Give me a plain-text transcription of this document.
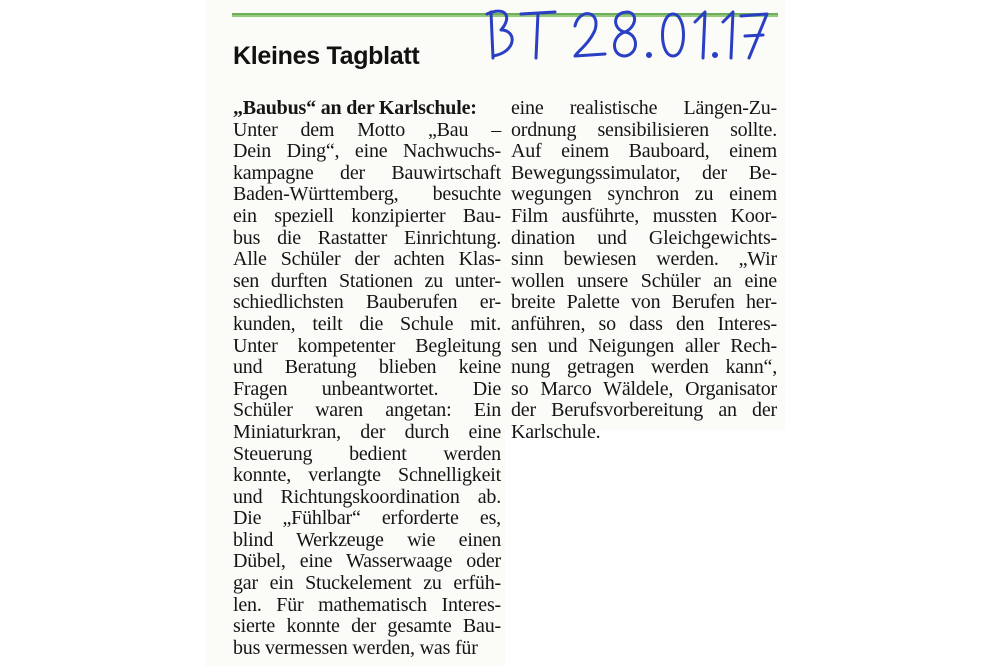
Kleines Tagblatt
„Baubus“ an der Karlschule:
Unter dem Motto „Bau –
Dein Ding“, eine Nachwuchs-
kampagne der Bauwirtschaft
Baden-Württemberg, besuchte
ein speziell konzipierter Bau-
bus die Rastatter Einrichtung.
Alle Schüler der achten Klas-
sen durften Stationen zu unter-
schiedlichsten Bauberufen er-
kunden, teilt die Schule mit.
Unter kompetenter Begleitung
und Beratung blieben keine
Fragen unbeantwortet. Die
Schüler waren angetan: Ein
Miniaturkran, der durch eine
Steuerung bedient werden
konnte, verlangte Schnelligkeit
und Richtungskoordination ab.
Die „Fühlbar“ erforderte es,
blind Werkzeuge wie einen
Dübel, eine Wasserwaage oder
gar ein Stuckelement zu erfüh-
len. Für mathematisch Interes-
sierte konnte der gesamte Bau-
bus vermessen werden, was für
eine realistische Längen-Zu-
ordnung sensibilisieren sollte.
Auf einem Bauboard, einem
Bewegungssimulator, der Be-
wegungen synchron zu einem
Film ausführte, mussten Koor-
dination und Gleichgewichts-
sinn bewiesen werden. „Wir
wollen unsere Schüler an eine
breite Palette von Berufen her-
anführen, so dass den Interes-
sen und Neigungen aller Rech-
nung getragen werden kann“,
so Marco Wäldele, Organisator
der Berufsvorbereitung an der
Karlschule.
